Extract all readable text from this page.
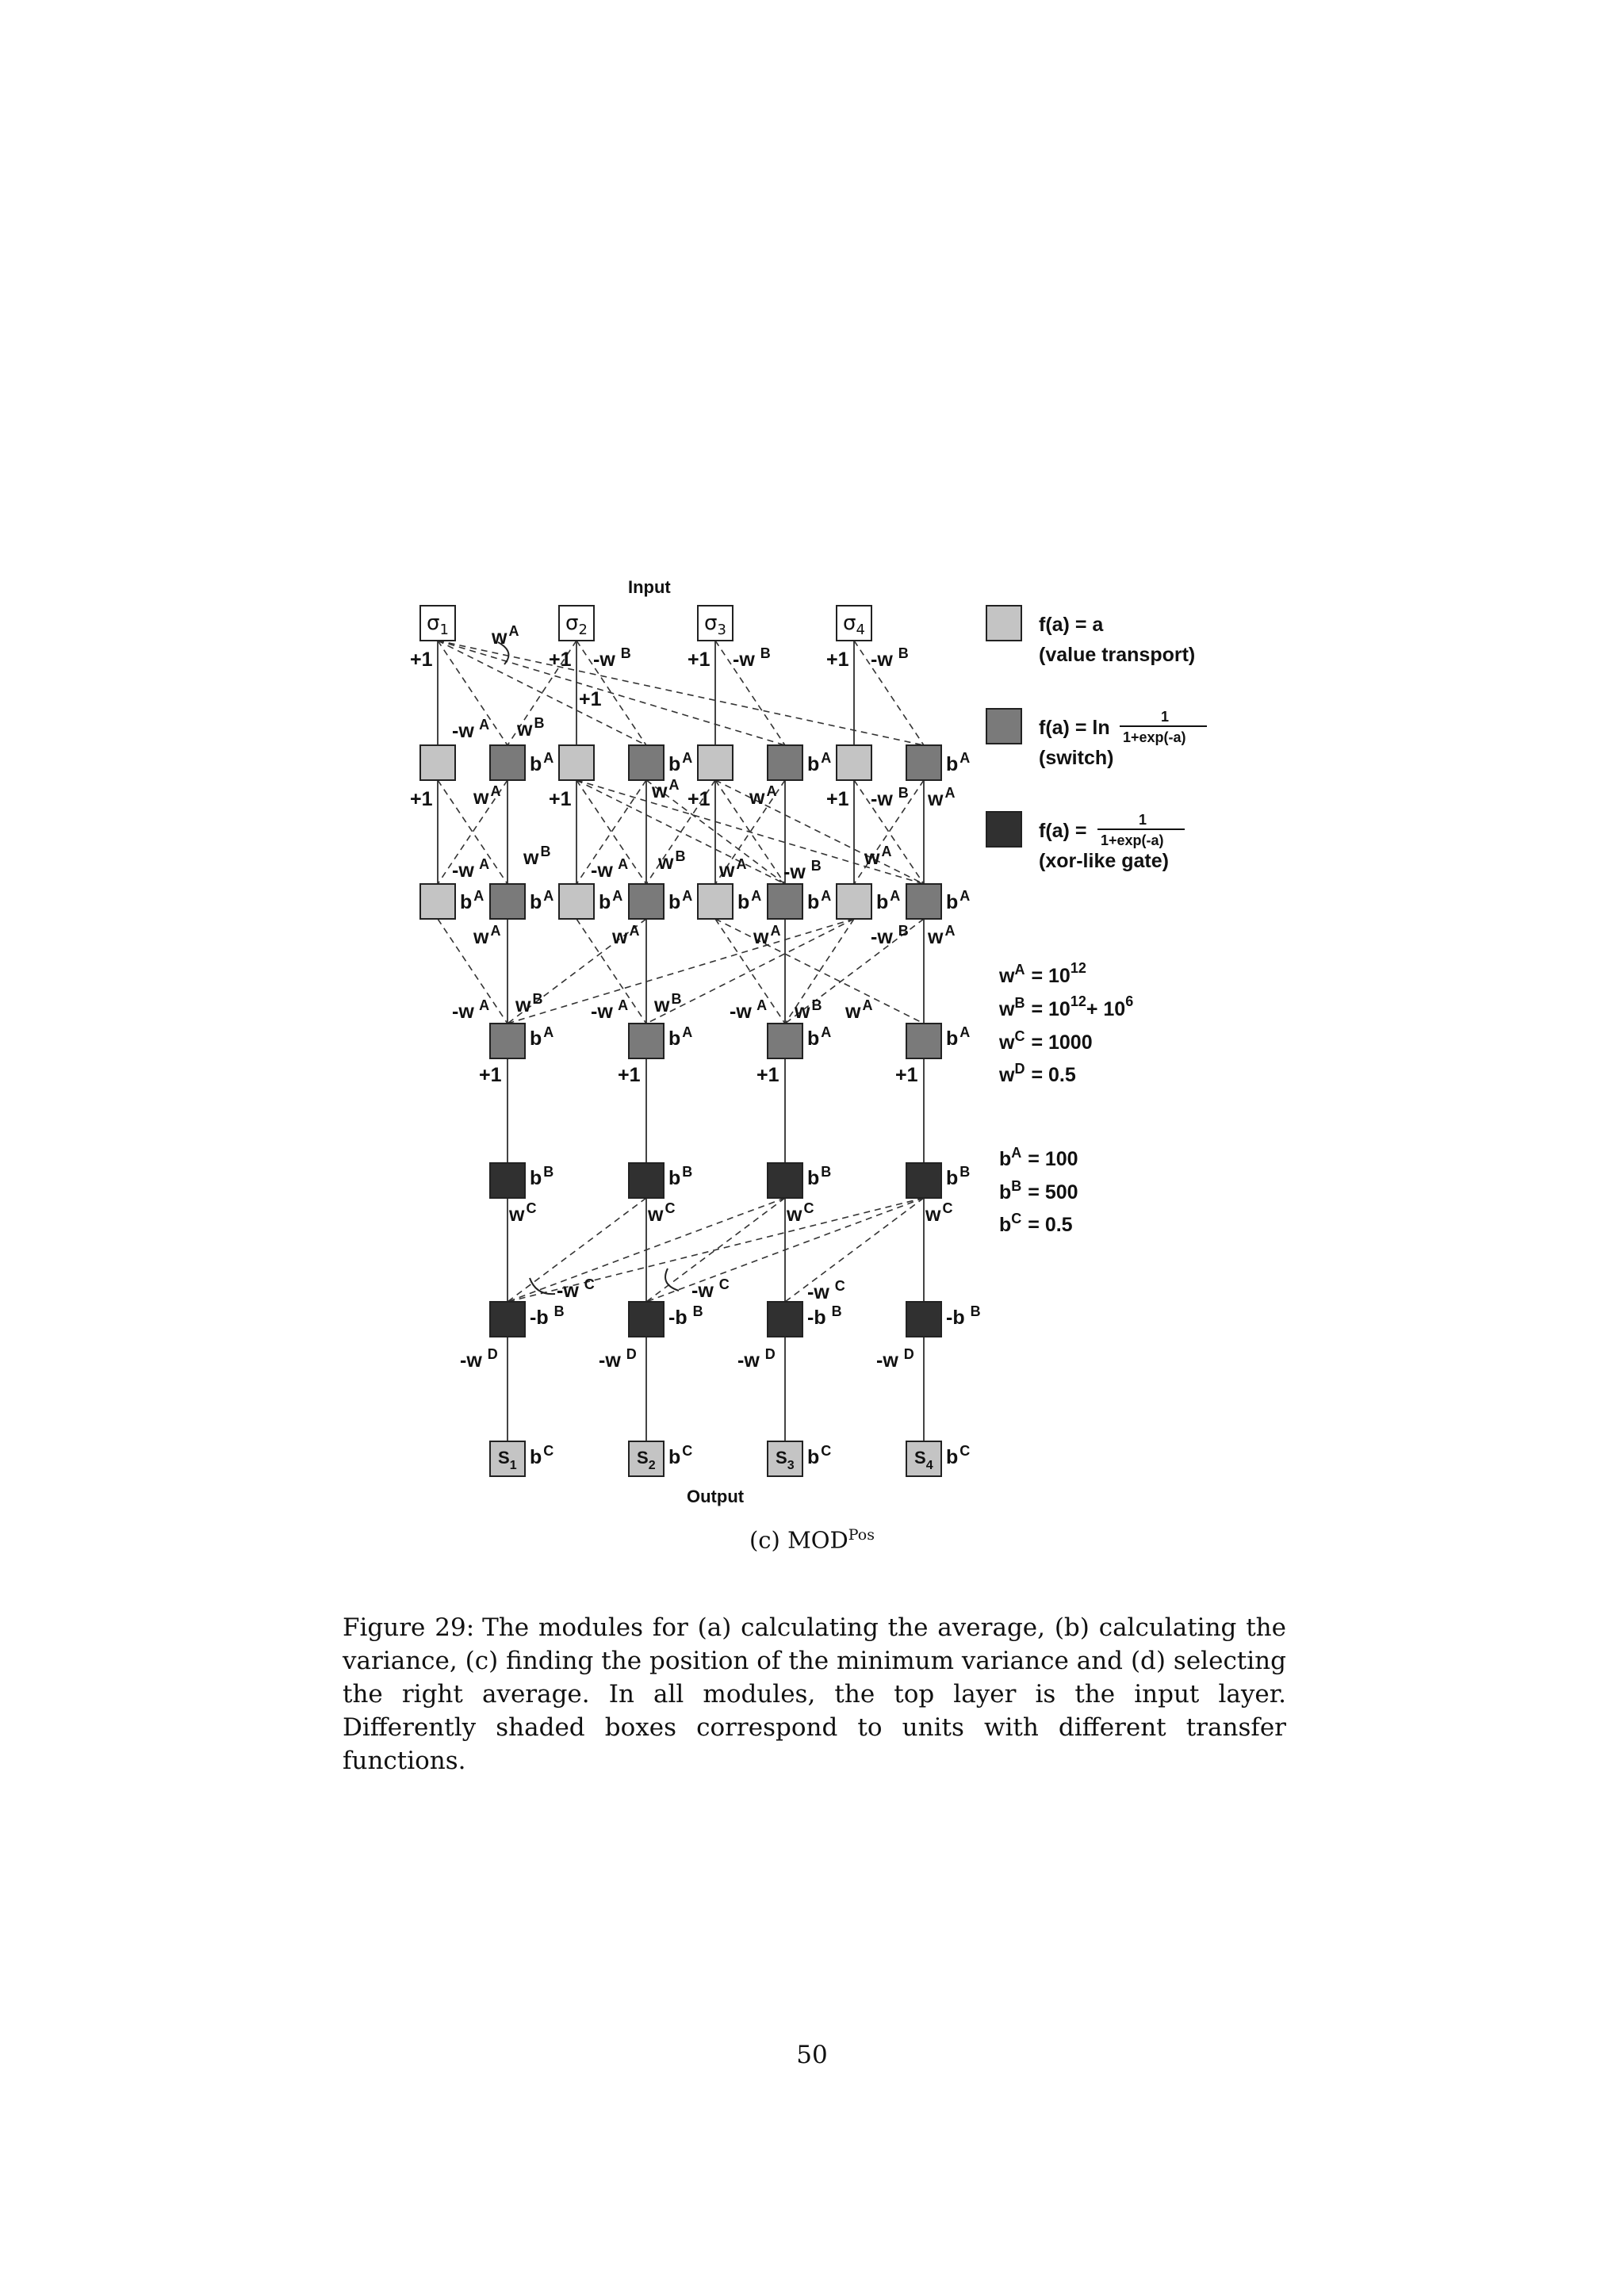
$\sigma_1$	$\sigma_2$	$\sigma_3$	$\sigma_4$
$S_1$	$S_2$	$S_3$	$S_4$
Input
Output
w $^A$
+1	+1	+1	+1
-w $^B$	-w $^B$	-w $^B$
+1
-w $^A$ w $^B$
b $^A$	b $^A$	b $^A$	b $^A$
+1	+1	+1	+1
w $^A$	w $^A$
w $^A$	-w $^B$ w $^A$
-w $^A$ w $^B$
-w $^A$ w $^B$
w $^A$ -w $^B$ w $^A$
b $^A$	b $^A$	b $^A$	b $^A$
b $^A$	b $^A$	b $^A$	b $^A$
w $^A$	w $^A$	w $^A$	-w $^B$ w $^A$
-w $^A$ w $^B$
-w $^A$ w $^B$
-w $^A$ w $^B$ w $^A$
b $^A$
+1
b $^A$
+1
b $^A$
+1
b $^A$
+1
b $^B$
w $^C$
b $^B$
w $^C$
b $^B$
w $^C$
b $^B$
w $^C$
-w $^C$	-w $^C$	-w $^C$
-b $^B$
-w $^D$
-b $^B$
-w $^D$
-b $^B$
-w $^D$
-b $^B$
-w $^D$
b $^C$	b $^C$	b $^C$	b $^C$
(value transport)
(switch)
(xor-like gate)
f(a) = a
f(a) = ln	1
1+exp(-a)
f(a) =	1
1+exp(-a)
$w^A = 10^{12}$
$w^B = 10^{12}+ 10^6$
$w^C = 1000$
$w^D = 0.5$
$b^A = 100$
$b^B = 500$
$b^C = 0.5$
(c) $MOD^{Pos}$
Figure 29: The modules for (a) calculating the average, (b) calculating the variance, (c) finding the position of the minimum variance and (d) selecting the right average. In all modules, the top layer is the input layer. Differently shaded boxes correspond to units with different transfer functions.
50
